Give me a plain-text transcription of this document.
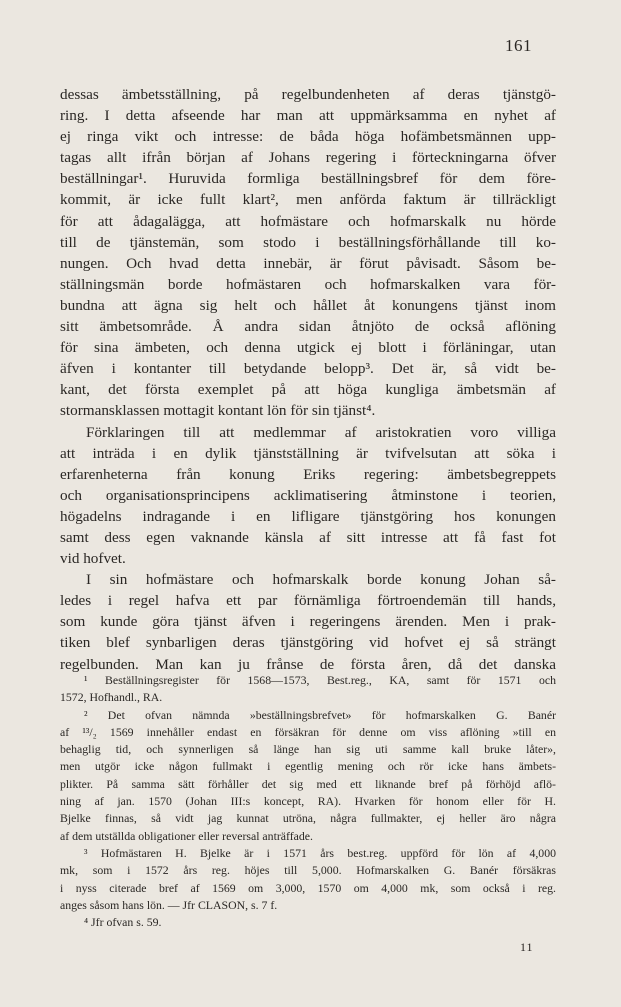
161
dessas ämbetsställning, på regelbundenheten af deras tjänstgö-
ring. I detta afseende har man att uppmärksamma en nyhet af
ej ringa vikt och intresse: de båda höga hofämbetsmännen upp-
tagas allt ifrån början af Johans regering i förteckningarna öfver
beställningar¹. Huruvida formliga beställningsbref för dem före-
kommit, är icke fullt klart², men anförda faktum är tillräckligt
för att ådagalägga, att hofmästare och hofmarskalk nu hörde
till de tjänstemän, som stodo i beställningsförhållande till ko-
nungen. Och hvad detta innebär, är förut påvisadt. Såsom be-
ställningsmän borde hofmästaren och hofmarskalken vara för-
bundna att ägna sig helt och hållet åt konungens tjänst inom
sitt ämbetsområde. Å andra sidan åtnjöto de också aflöning
för sina ämbeten, och denna utgick ej blott i förläningar, utan
äfven i kontanter till betydande belopp³. Det är, så vidt be-
kant, det första exemplet på att höga kungliga ämbetsmän af
stormansklassen mottagit kontant lön för sin tjänst⁴.
Förklaringen till att medlemmar af aristokratien voro villiga
att inträda i en dylik tjänstställning är tvifvelsutan att söka i
erfarenheterna från konung Eriks regering: ämbetsbegreppets
och organisationsprincipens acklimatisering åtminstone i teorien,
högadelns indragande i en lifligare tjänstgöring hos konungen
samt dess egen vaknande känsla af sitt intresse att få fast fot
vid hofvet.
I sin hofmästare och hofmarskalk borde konung Johan så-
ledes i regel hafva ett par förnämliga förtroendemän till hands,
som kunde göra tjänst äfven i regeringens ärenden. Men i prak-
tiken blef synbarligen deras tjänstgöring vid hofvet ej så strängt
regelbunden. Man kan ju frånse de första åren, då det danska
¹ Beställningsregister för 1568—1573, Best.reg., KA, samt för 1571 och
1572, Hofhandl., RA.
² Det ofvan nämnda »beställningsbrefvet» för hofmarskalken G. Banér
af ¹³/₂ 1569 innehåller endast en försäkran för denne om viss aflöning »till en
behaglig tid, och synnerligen så länge han sig uti samme kall bruke låter»,
men utgör icke någon fullmakt i egentlig mening och rör icke hans ämbets-
plikter. På samma sätt förhåller det sig med ett liknande bref på förhöjd aflö-
ning af jan. 1570 (Johan III:s koncept, RA). Hvarken för honom eller för H.
Bjelke finnas, så vidt jag kunnat utröna, några fullmakter, ej heller äro några
af dem utställda obligationer eller reversal anträffade.
³ Hofmästaren H. Bjelke är i 1571 års best.reg. uppförd för lön af 4,000
mk, som i 1572 års reg. höjes till 5,000. Hofmarskalken G. Banér försäkras
i nyss citerade bref af 1569 om 3,000, 1570 om 4,000 mk, som också i reg.
anges såsom hans lön. — Jfr CLASON, s. 7 f.
⁴ Jfr ofvan s. 59.
11
